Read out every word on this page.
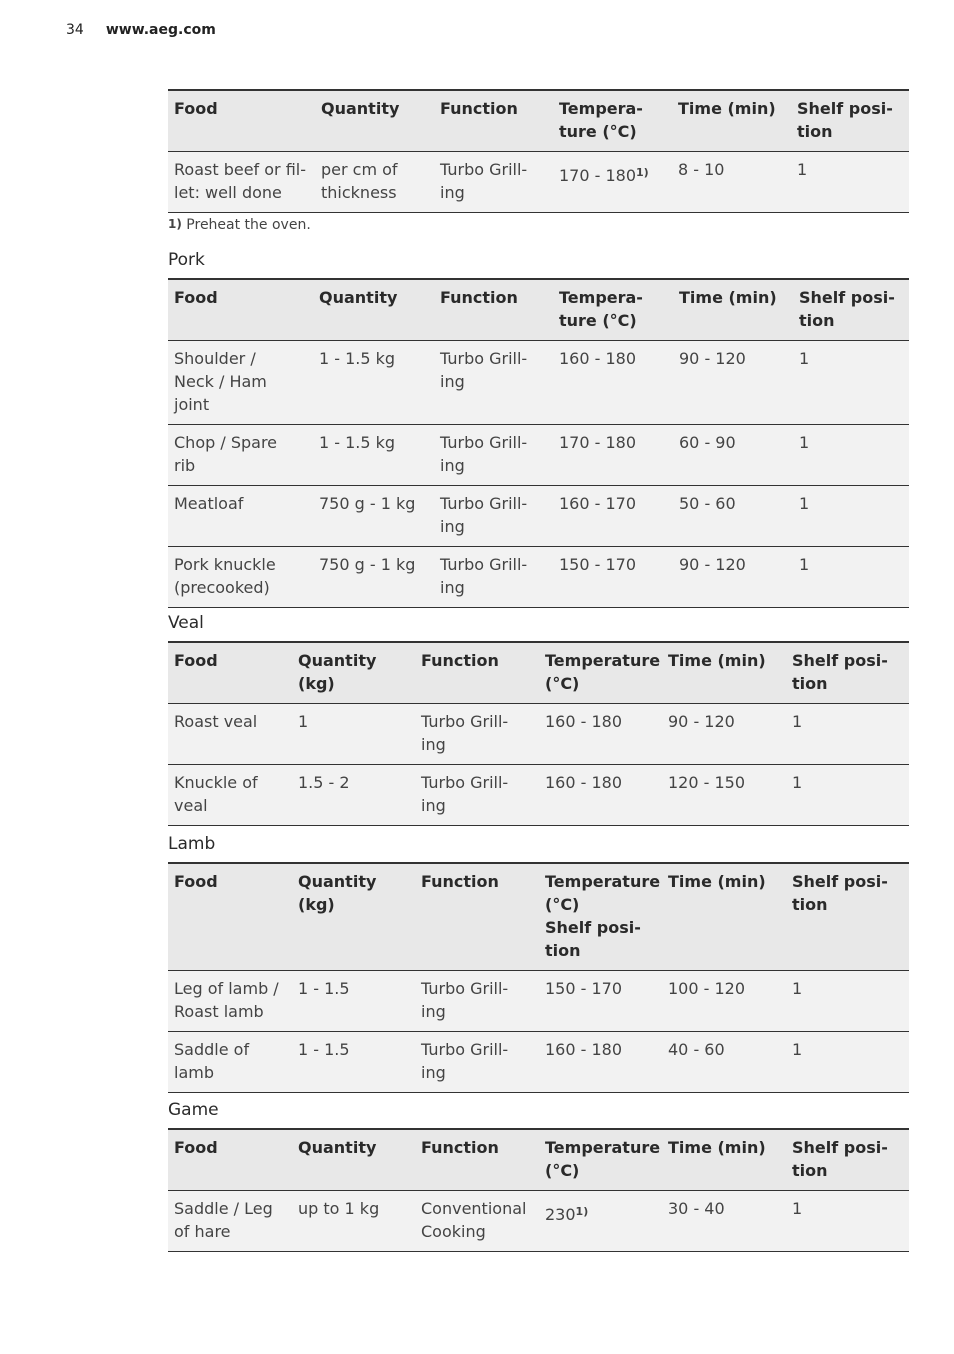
34 www.aeg.com
Food	Quantity	Function	Tempera-
ture (°C)	Time (min)	Shelf posi-
tion
Roast beef or fil-
let: well done	per cm of
thickness	Turbo Grill-
ing	170 - 180$^{1)}$	8 - 10	1
1) Preheat the oven.
Pork
Food	Quantity	Function	Tempera-
ture (°C)	Time (min)	Shelf posi-
tion
Shoulder /
Neck / Ham
joint	1 - 1.5 kg	Turbo Grill-
ing	160 - 180	90 - 120	1
Chop / Spare
rib	1 - 1.5 kg	Turbo Grill-
ing	170 - 180	60 - 90	1
Meatloaf	750 g - 1 kg	Turbo Grill-
ing	160 - 170	50 - 60	1
Pork knuckle
(precooked)	750 g - 1 kg	Turbo Grill-
ing	150 - 170	90 - 120	1
Veal
Food	Quantity
(kg)	Function	Temperature
(°C)	Time (min)	Shelf posi-
tion
Roast veal	1	Turbo Grill-
ing	160 - 180	90 - 120	1
Knuckle of
veal	1.5 - 2	Turbo Grill-
ing	160 - 180	120 - 150	1
Lamb
Food	Quantity
(kg)	Function	Temperature
(°C)
Shelf posi-
tion	Time (min)	Shelf posi-
tion
Leg of lamb /
Roast lamb	1 - 1.5	Turbo Grill-
ing	150 - 170	100 - 120	1
Saddle of
lamb	1 - 1.5	Turbo Grill-
ing	160 - 180	40 - 60	1
Game
Food	Quantity	Function	Temperature
(°C)	Time (min)	Shelf posi-
tion
Saddle / Leg
of hare	up to 1 kg	Conventional
Cooking	230$^{1)}$	30 - 40	1
